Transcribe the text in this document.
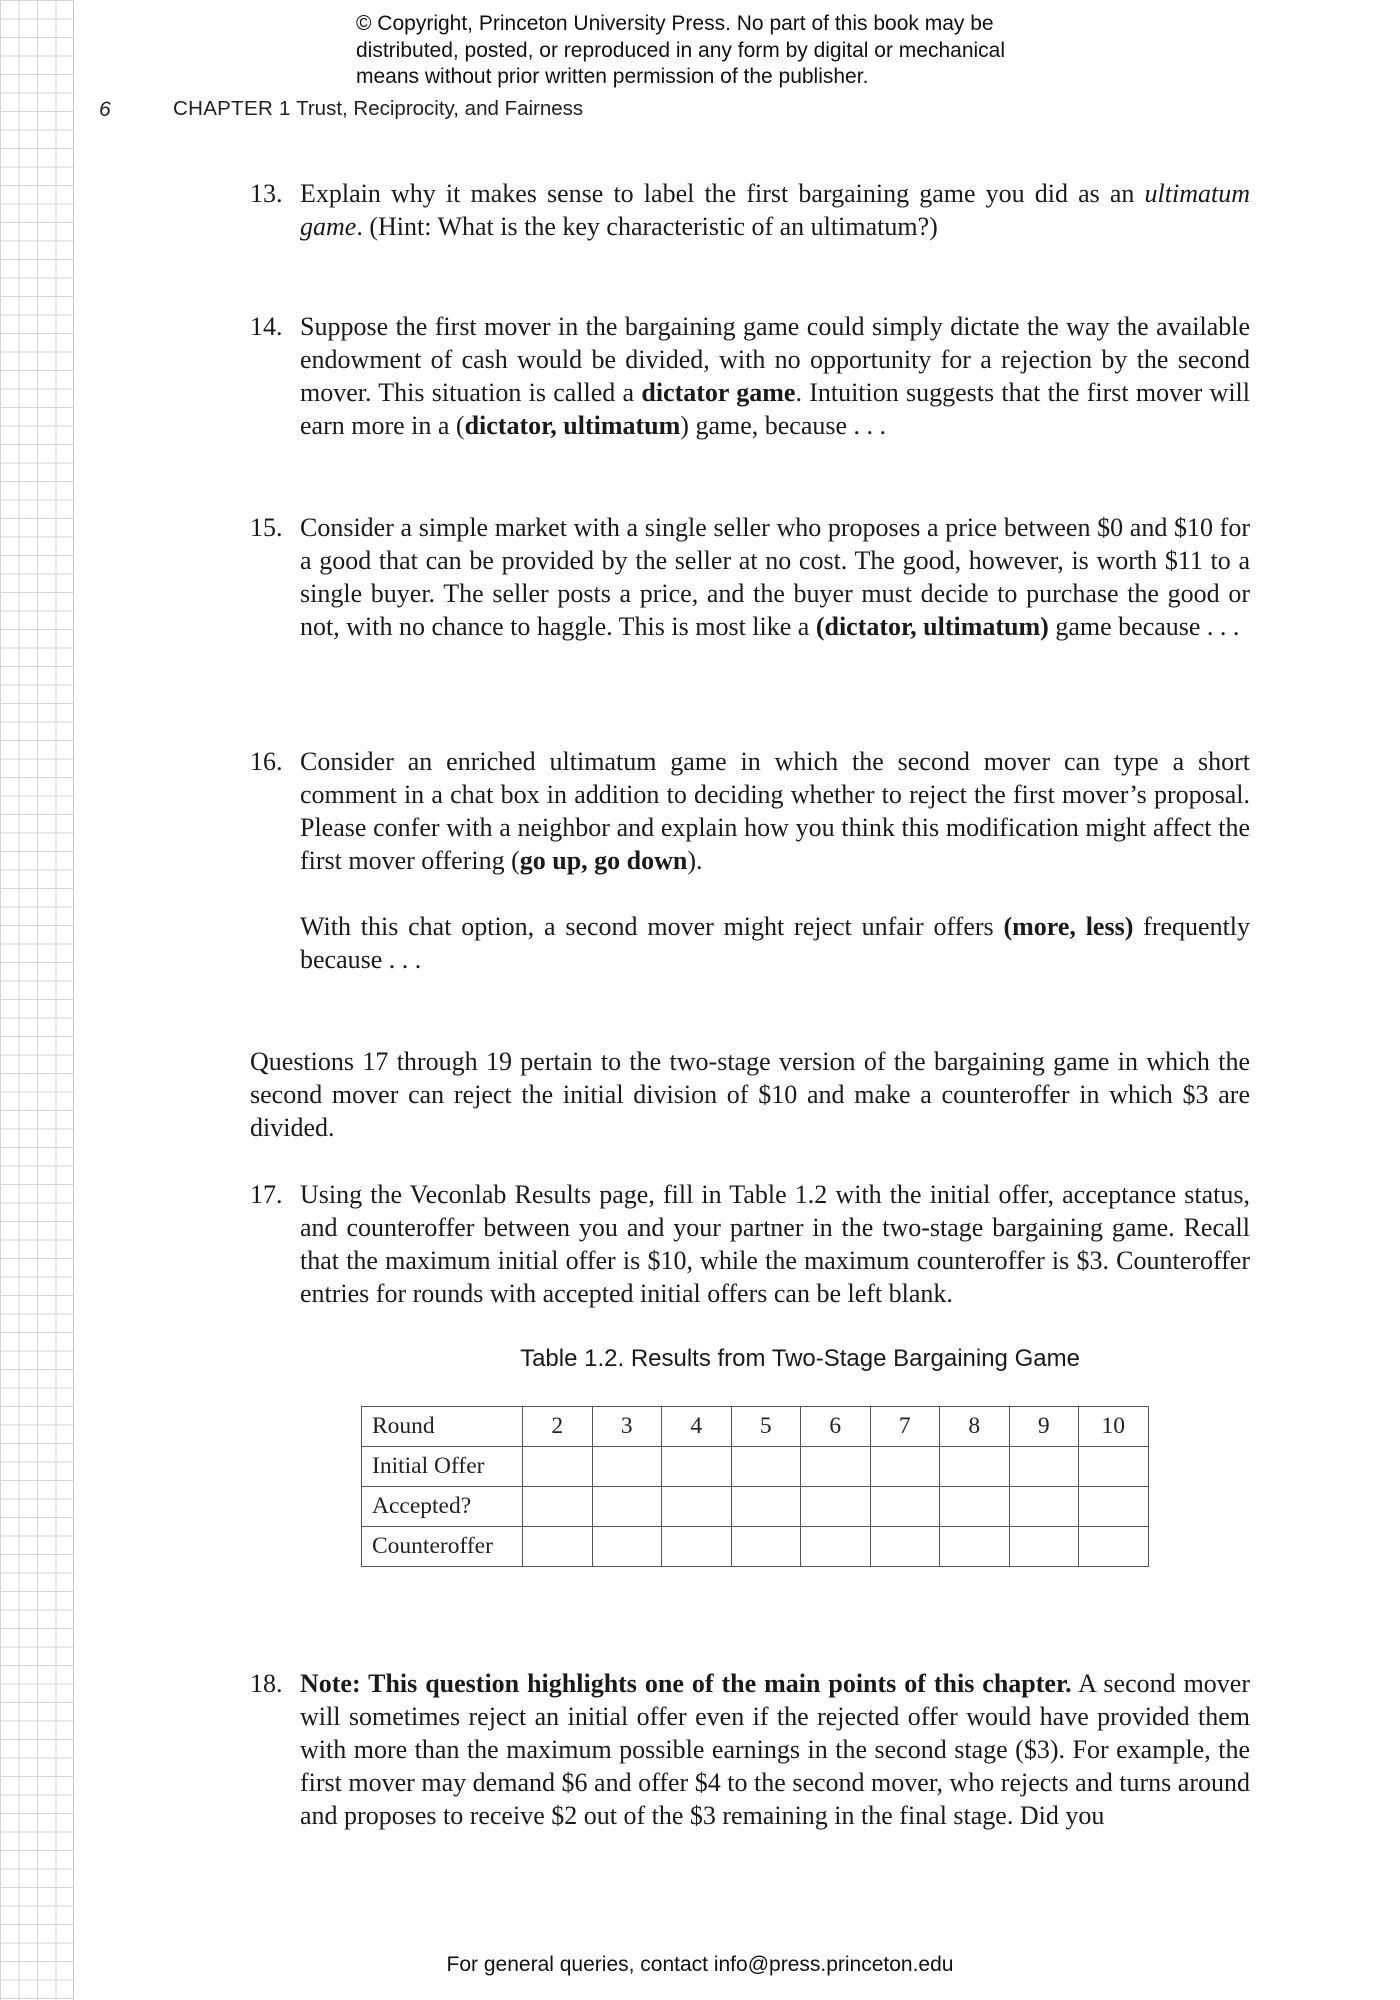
© Copyright, Princeton University Press. No part of this book may be
distributed, posted, or reproduced in any form by digital or mechanical
means without prior written permission of the publisher.
6	CHAPTER 1 Trust, Reciprocity, and Fairness
13. Explain why it makes sense to label the first bargaining game you did as an ultimatum game. (Hint: What is the key characteristic of an ultimatum?)

14. Suppose the first mover in the bargaining game could simply dictate the way the available endowment of cash would be divided, with no opportunity for a rejection by the second mover. This situation is called a dictator game. Intuition suggests that the first mover will earn more in a (dictator, ultimatum) game, because . . .

15. Consider a simple market with a single seller who proposes a price between $0 and $10 for a good that can be provided by the seller at no cost. The good, however, is worth $11 to a single buyer. The seller posts a price, and the buyer must decide to purchase the good or not, with no chance to haggle. This is most like a (dictator, ultimatum) game because . . .

16. Consider an enriched ultimatum game in which the second mover can type a short comment in a chat box in addition to deciding whether to reject the first mover’s proposal. Please confer with a neighbor and explain how you think this modification might affect the first mover offering (go up, go down).

With this chat option, a second mover might reject unfair offers (more, less) frequently because . . .

Questions 17 through 19 pertain to the two-stage version of the bargaining game in which the second mover can reject the initial division of $10 and make a counteroffer in which $3 are divided.

17. Using the Veconlab Results page, fill in Table 1.2 with the initial offer, acceptance status, and counteroffer between you and your partner in the two-stage bargaining game. Recall that the maximum initial offer is $10, while the maximum counteroffer is $3. Counteroffer entries for rounds with accepted initial offers can be left blank.

Table 1.2. Results from Two-Stage Bargaining Game
Round	2	3	4	5	6	7	8	9	10
Initial Offer									
Accepted?									
Counteroffer									
18. Note: This question highlights one of the main points of this chapter. A second mover will sometimes reject an initial offer even if the rejected offer would have provided them with more than the maximum possible earnings in the second stage ($3). For example, the first mover may demand $6 and offer $4 to the second mover, who rejects and turns around and proposes to receive $2 out of the $3 remaining in the final stage. Did you

For general queries, contact info@press.princeton.edu
